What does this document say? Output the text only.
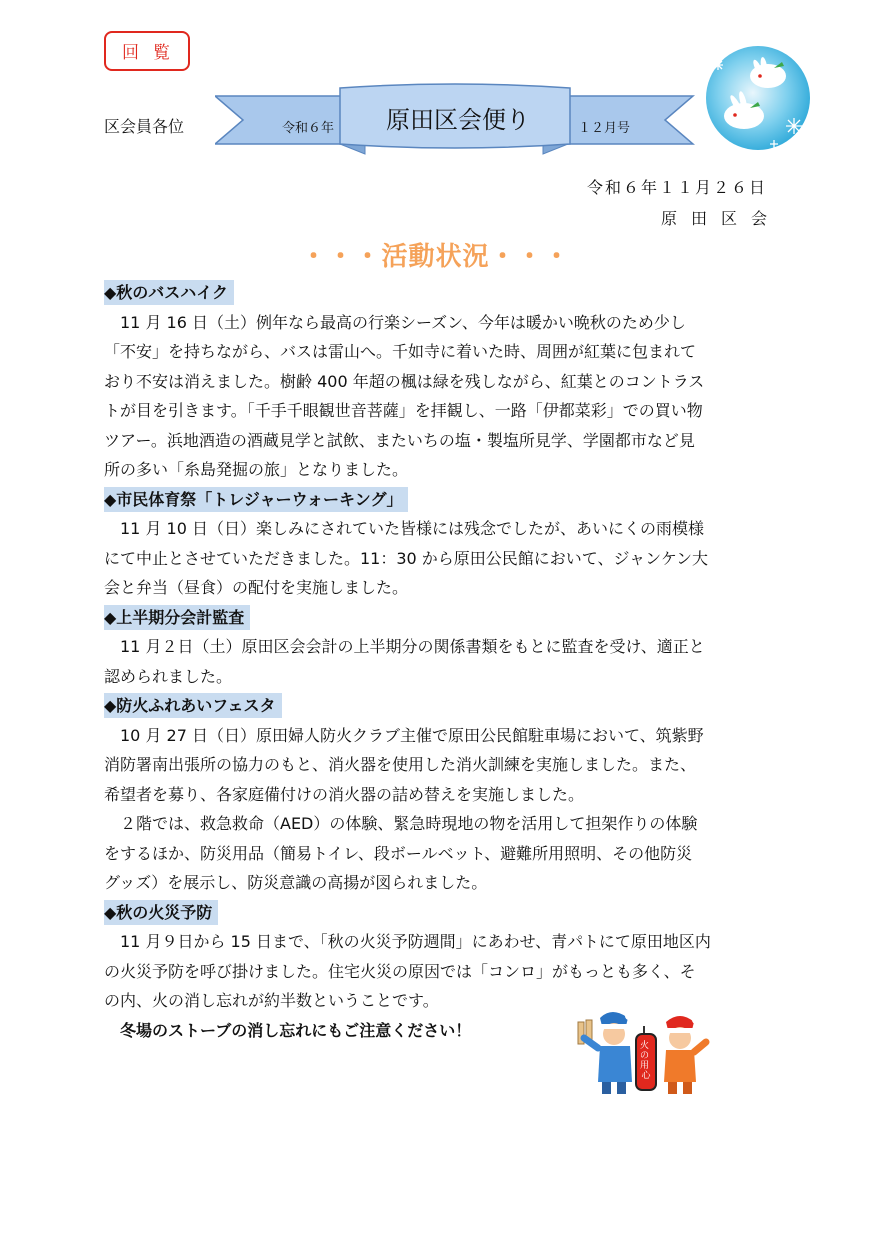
回覧
区会員各位	令和６年	原田区会便り	１２月号
令和６年１１月２６日
原田区会
・・・活動状況・・・
◆秋のバスハイク

11 月 16 日（土）例年なら最高の行楽シーズン、今年は暖かい晩秋のため少し
「不安」を持ちながら、バスは雷山へ。千如寺に着いた時、周囲が紅葉に包まれて
おり不安は消えました。樹齢 400 年超の楓は緑を残しながら、紅葉とのコントラス
トが目を引きます。「千手千眼観世音菩薩」を拝観し、一路「伊都菜彩」での買い物
ツアー。浜地酒造の酒蔵見学と試飲、またいちの塩・製塩所見学、学園都市など見
所の多い「糸島発掘の旅」となりました。

◆市民体育祭「トレジャーウォーキング」

11 月 10 日（日）楽しみにされていた皆様には残念でしたが、あいにくの雨模様
にて中止とさせていただきました。11：30 から原田公民館において、ジャンケン大
会と弁当（昼食）の配付を実施しました。

◆上半期分会計監査

11 月２日（土）原田区会会計の上半期分の関係書類をもとに監査を受け、適正と
認められました。

◆防火ふれあいフェスタ

10 月 27 日（日）原田婦人防火クラブ主催で原田公民館駐車場において、筑紫野
消防署南出張所の協力のもと、消火器を使用した消火訓練を実施しました。また、
希望者を募り、各家庭備付けの消火器の詰め替えを実施しました。

２階では、救急救命（AED）の体験、緊急時現地の物を活用して担架作りの体験
をするほか、防災用品（簡易トイレ、段ボールベット、避難所用照明、その他防災
グッズ）を展示し、防災意識の高揚が図られました。

◆秋の火災予防

11 月９日から 15 日まで、「秋の火災予防週間」にあわせ、青パトにて原田地区内
の火災予防を呼び掛けました。住宅火災の原因では「コンロ」がもっとも多く、そ
の内、火の消し忘れが約半数ということです。

冬場のストーブの消し忘れにもご注意ください！

火 の 用 心
